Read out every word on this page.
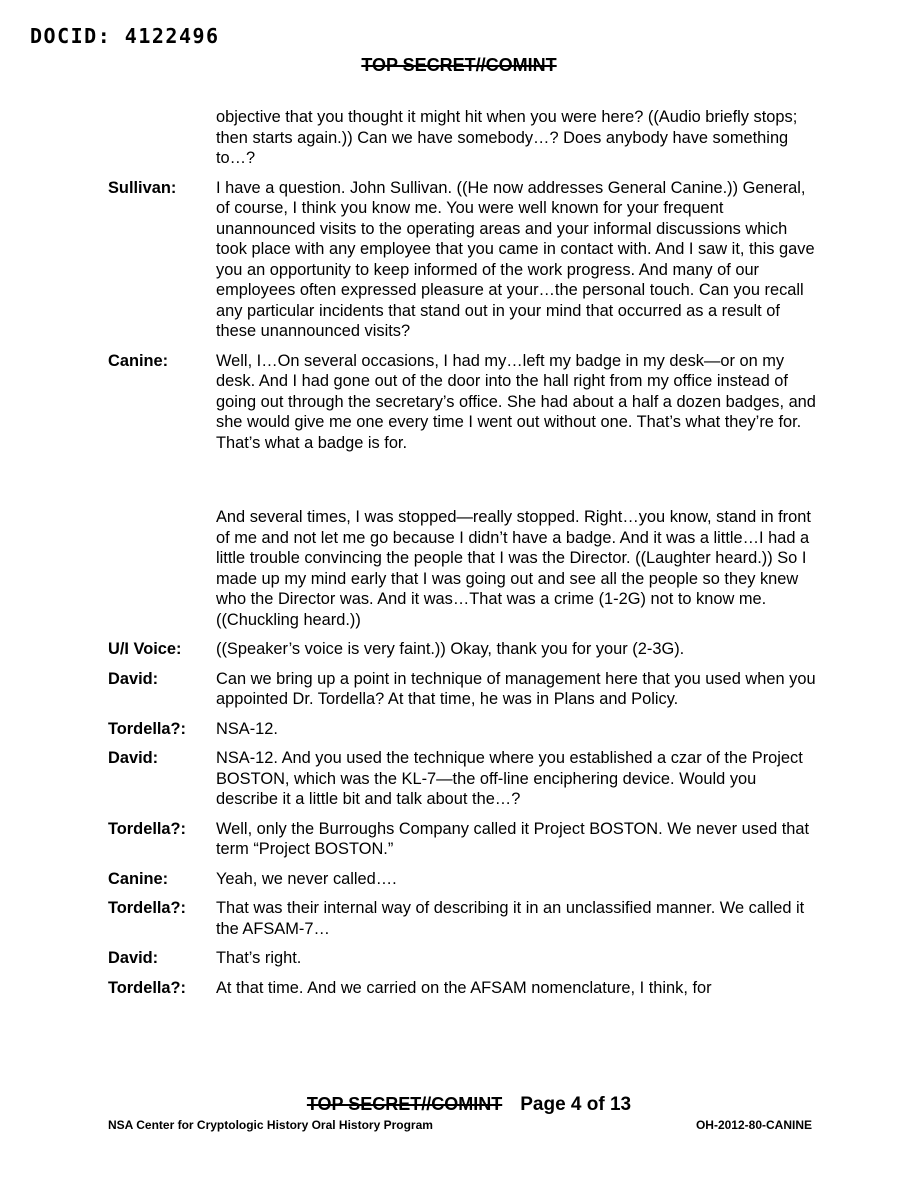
DOCID: 4122496
TOP SECRET//COMINT
objective that you thought it might hit when you were here? ((Audio briefly stops; then starts again.)) Can we have somebody…? Does anybody have something to…?
Sullivan:	I have a question. John Sullivan. ((He now addresses General Canine.)) General, of course, I think you know me. You were well known for your frequent unannounced visits to the operating areas and your informal discussions which took place with any employee that you came in contact with. And I saw it, this gave you an opportunity to keep informed of the work progress. And many of our employees often expressed pleasure at your…the personal touch. Can you recall any particular incidents that stand out in your mind that occurred as a result of these unannounced visits?
Canine:	Well, I…On several occasions, I had my…left my badge in my desk—or on my desk. And I had gone out of the door into the hall right from my office instead of going out through the secretary’s office. She had about a half a dozen badges, and she would give me one every time I went out without one. That’s what they’re for. That’s what a badge is for.
And several times, I was stopped—really stopped. Right…you know, stand in front of me and not let me go because I didn’t have a badge. And it was a little…I had a little trouble convincing the people that I was the Director. ((Laughter heard.)) So I made up my mind early that I was going out and see all the people so they knew who the Director was. And it was…That was a crime (1-2G) not to know me. ((Chuckling heard.))
U/I Voice:	((Speaker’s voice is very faint.)) Okay, thank you for your (2-3G).
David:	Can we bring up a point in technique of management here that you used when you appointed Dr. Tordella? At that time, he was in Plans and Policy.
Tordella?:	NSA-12.
David:	NSA-12. And you used the technique where you established a czar of the Project BOSTON, which was the KL-7—the off-line enciphering device. Would you describe it a little bit and talk about the…?
Tordella?:	Well, only the Burroughs Company called it Project BOSTON. We never used that term “Project BOSTON.”
Canine:	Yeah, we never called….
Tordella?:	That was their internal way of describing it in an unclassified manner. We called it the AFSAM-7…
David:	That’s right.
Tordella?:	At that time. And we carried on the AFSAM nomenclature, I think, for
TOP SECRET//COMINT Page 4 of 13
NSA Center for Cryptologic History Oral History Program	OH-2012-80-CANINE
